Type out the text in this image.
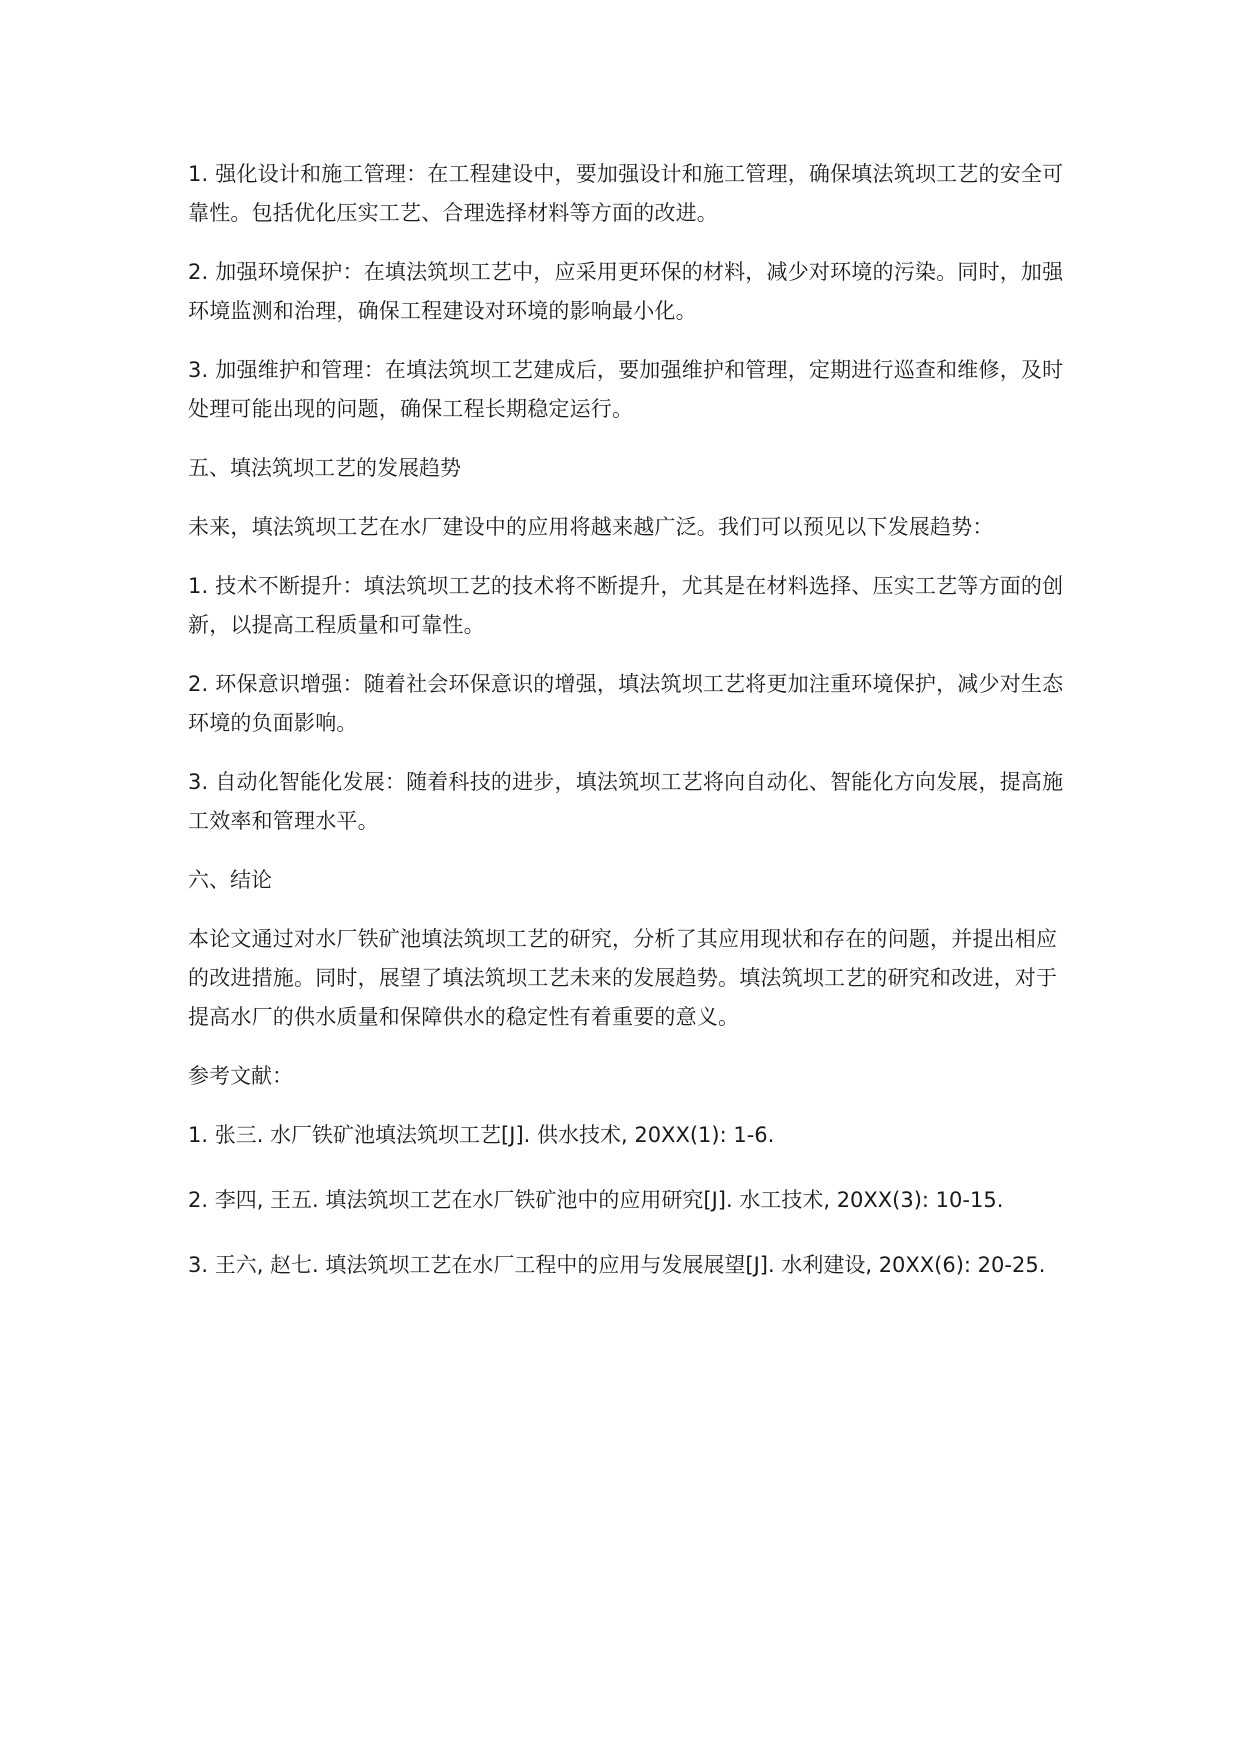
1. 强化设计和施工管理：在工程建设中，要加强设计和施工管理，确保填法筑坝工艺的安全可靠性。包括优化压实工艺、合理选择材料等方面的改进。

2. 加强环境保护：在填法筑坝工艺中，应采用更环保的材料，减少对环境的污染。同时，加强环境监测和治理，确保工程建设对环境的影响最小化。

3. 加强维护和管理：在填法筑坝工艺建成后，要加强维护和管理，定期进行巡查和维修，及时处理可能出现的问题，确保工程长期稳定运行。

五、填法筑坝工艺的发展趋势

未来，填法筑坝工艺在水厂建设中的应用将越来越广泛。我们可以预见以下发展趋势：

1. 技术不断提升：填法筑坝工艺的技术将不断提升，尤其是在材料选择、压实工艺等方面的创新，以提高工程质量和可靠性。

2. 环保意识增强：随着社会环保意识的增强，填法筑坝工艺将更加注重环境保护，减少对生态环境的负面影响。

3. 自动化智能化发展：随着科技的进步，填法筑坝工艺将向自动化、智能化方向发展，提高施工效率和管理水平。

六、结论

本论文通过对水厂铁矿池填法筑坝工艺的研究，分析了其应用现状和存在的问题，并提出相应的改进措施。同时，展望了填法筑坝工艺未来的发展趋势。填法筑坝工艺的研究和改进，对于提高水厂的供水质量和保障供水的稳定性有着重要的意义。

参考文献：

1. 张三. 水厂铁矿池填法筑坝工艺[J]. 供水技术, 20XX(1): 1-6.

2. 李四, 王五. 填法筑坝工艺在水厂铁矿池中的应用研究[J]. 水工技术, 20XX(3): 10-15.

3. 王六, 赵七. 填法筑坝工艺在水厂工程中的应用与发展展望[J]. 水利建设, 20XX(6): 20-25.
